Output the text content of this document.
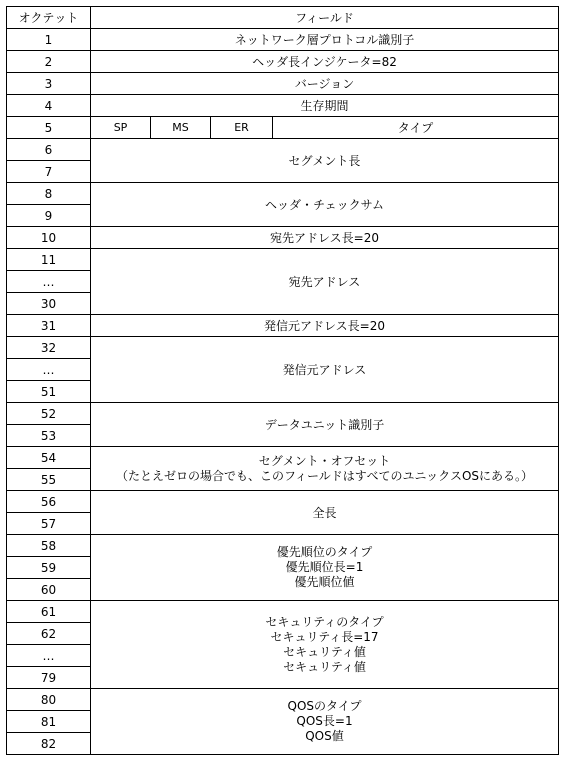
オクテット	フィールド			
1	ネットワーク層プロトコル識別子			
2	ヘッダ長インジケータ=82			
3	バージョン			
4	生存期間			
5	SP	MS	ER	タイプ
6	セグメント長			
7				
8	ヘッダ・チェックサム			
9				
10	宛先アドレス長=20			
11	宛先アドレス			
…				
30				
31	発信元アドレス長=20			
32	発信元アドレス			
…				
51				
52	データユニット識別子			
53				
54	セグメント・オフセット
（たとえゼロの場合でも、このフィールドはすべてのユニックスOSにある。）			

55				
56	全長			
57				
58	優先順位のタイプ
優先順位長=1
優先順位値			

59				
60				
61	セキュリティのタイプ
セキュリティ長=17
セキュリティ値
セキュリティ値			

62				
…				
79				
80	QOSのタイプ
QOS長=1
QOS値			

81				
82				
